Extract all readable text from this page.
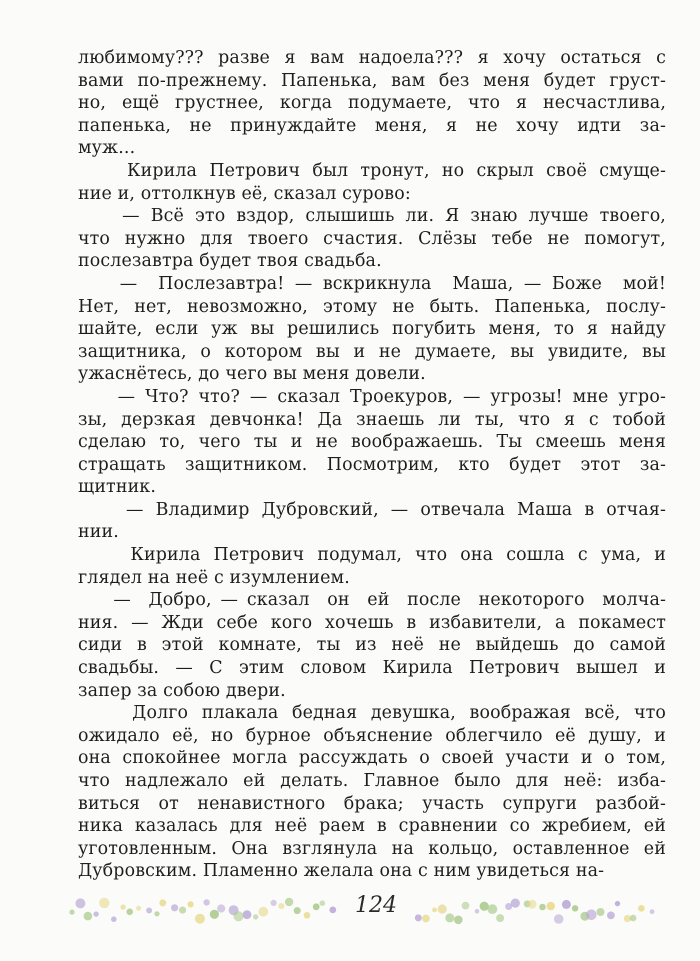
любимому??? разве я вам надоела??? я хочу остаться с
вами по-прежнему. Папенька, вам без меня будет груст-
но, ещё грустнее, когда подумаете, что я несчастлива,
папенька, не принуждайте меня, я не хочу идти за-
муж...
Кирила Петрович был тронут, но скрыл своё смуще-
ние и, оттолкнув её, сказал сурово:
— Всё это вздор, слышишь ли. Я знаю лучше твоего,
что нужно для твоего счастия. Слёзы тебе не помогут,
послезавтра будет твоя свадьба.
—  Послезавтра! — вскрикнула  Маша, — Боже  мой!
Нет, нет, невозможно, этому не быть. Папенька, послу-
шайте, если уж вы решились погубить меня, то я найду
защитника, о котором вы и не думаете, вы увидите, вы
ужаснётесь, до чего вы меня довели.
— Что? что? — сказал Троекуров, — угрозы! мне угро-
зы, дерзкая девчонка! Да знаешь ли ты, что я с тобой
сделаю то, чего ты и не воображаешь. Ты смеешь меня
стращать защитником. Посмотрим, кто будет этот за-
щитник.
— Владимир Дубровский, — отвечала Маша в отчая-
нии.
Кирила Петрович подумал, что она сошла с ума, и
глядел на неё с изумлением.
—  Добро, — сказал  он  ей  после  некоторого  молча-
ния. — Жди себе кого хочешь в избавители, а покамест
сиди в этой комнате, ты из неё не выйдешь до самой
свадьбы. — С этим словом Кирила Петрович вышел и
запер за собою двери.
Долго плакала бедная девушка, воображая всё, что
ожидало её, но бурное объяснение облегчило её душу, и
она спокойнее могла рассуждать о своей участи и о том,
что надлежало ей делать. Главное было для неё: изба-
виться от ненавистного брака; участь супруги разбой-
ника казалась для неё раем в сравнении со жребием, ей
уготовленным. Она взглянула на кольцо, оставленное ей
Дубровским. Пламенно желала она с ним увидеться на-
124
